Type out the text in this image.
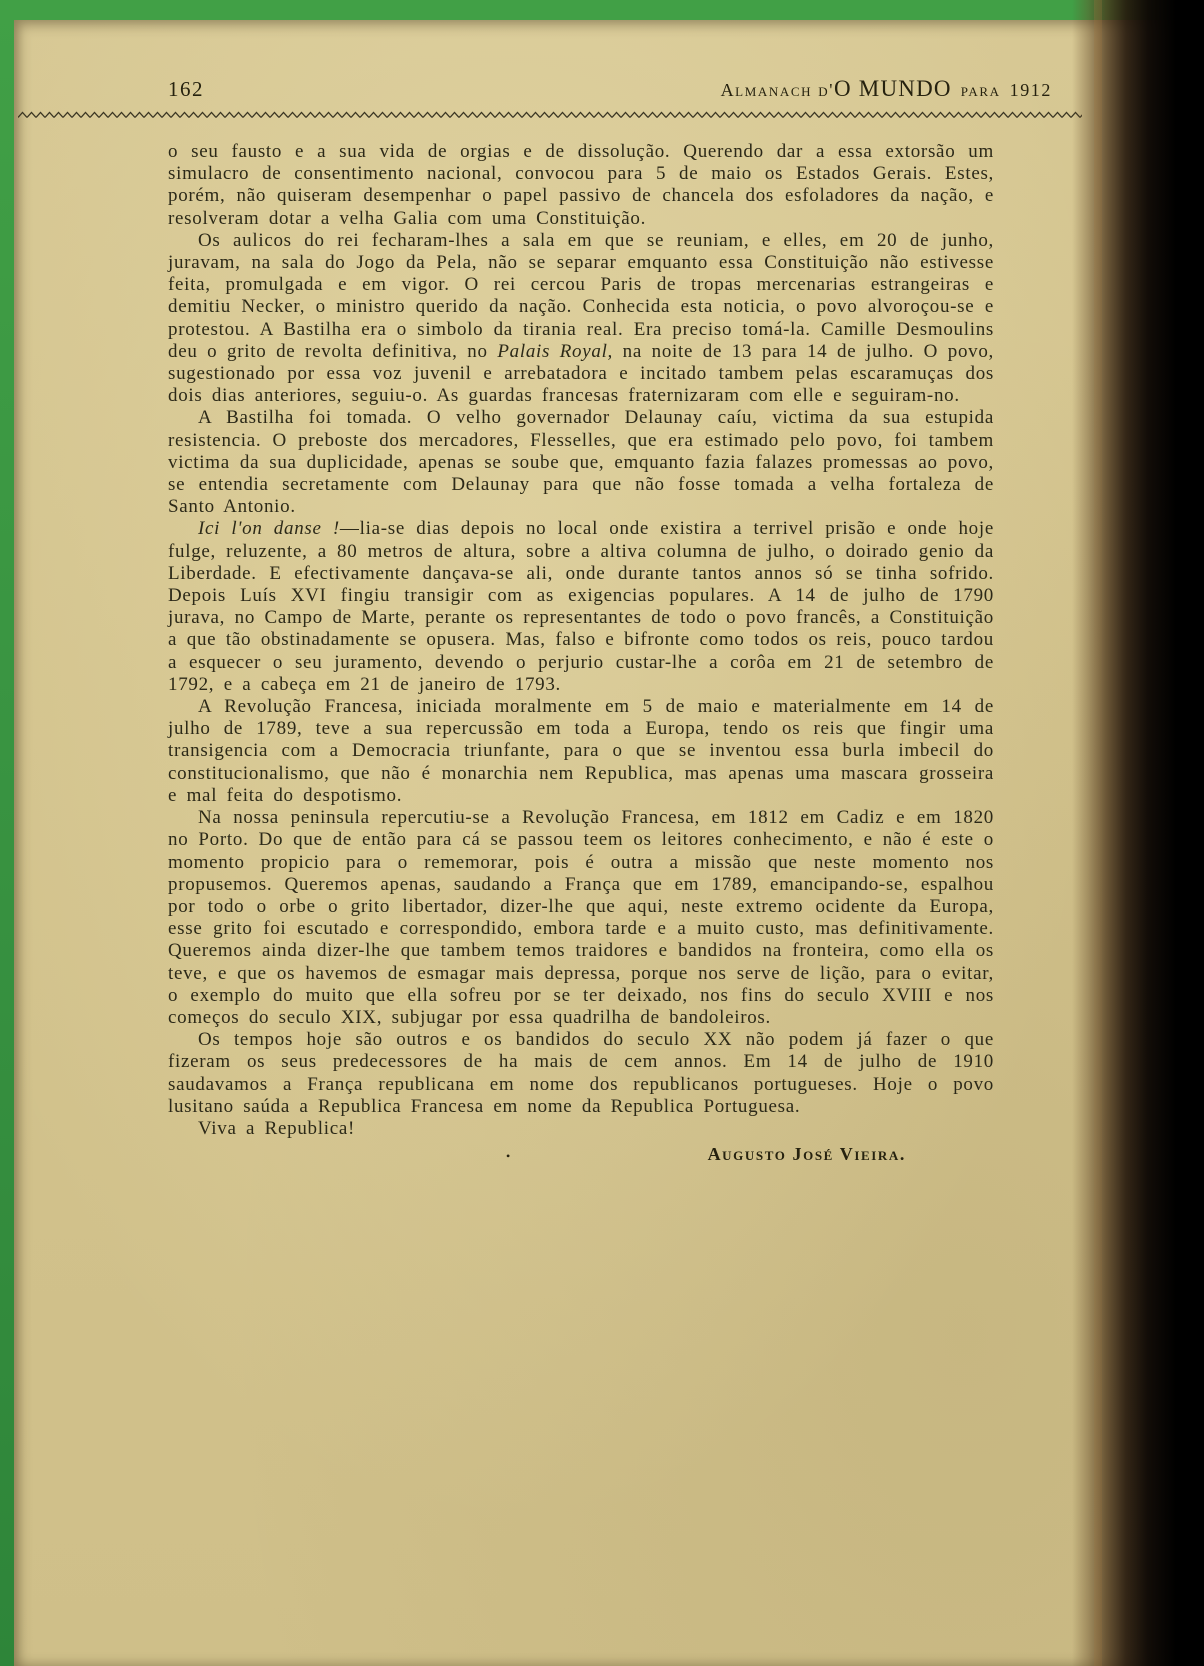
162	Almanach d'O MUNDO para 1912

o seu fausto e a sua vida de orgias e de dissolução. Querendo dar a essa extorsão um simulacro de consentimento nacional, convocou para 5 de maio os Estados Gerais. Estes, porém, não quiseram desempenhar o papel passivo de chancela dos esfoladores da nação, e resolveram dotar a velha Galia com uma Constituição.

Os aulicos do rei fecharam-lhes a sala em que se reuniam, e elles, em 20 de junho, juravam, na sala do Jogo da Pela, não se separar emquanto essa Constituição não estivesse feita, promulgada e em vigor. O rei cercou Paris de tropas mercenarias estrangeiras e demitiu Necker, o ministro querido da nação. Conhecida esta noticia, o povo alvoroçou-se e protestou. A Bastilha era o simbolo da tirania real. Era preciso tomá-la. Camille Desmoulins deu o grito de revolta definitiva, no Palais Royal, na noite de 13 para 14 de julho. O povo, sugestionado por essa voz juvenil e arrebatadora e incitado tambem pelas escaramuças dos dois dias anteriores, seguiu-o. As guardas francesas fraternizaram com elle e seguiram-no.

A Bastilha foi tomada. O velho governador Delaunay caíu, victima da sua estupida resistencia. O preboste dos mercadores, Flesselles, que era estimado pelo povo, foi tambem victima da sua duplicidade, apenas se soube que, emquanto fazia falazes promessas ao povo, se entendia secretamente com Delaunay para que não fosse tomada a velha fortaleza de Santo Antonio.

Ici l'on danse !—lia-se dias depois no local onde existira a terrivel prisão e onde hoje fulge, reluzente, a 80 metros de altura, sobre a altiva columna de julho, o doirado genio da Liberdade. E efectivamente dançava-se ali, onde durante tantos annos só se tinha sofrido. Depois Luís XVI fingiu transigir com as exigencias populares. A 14 de julho de 1790 jurava, no Campo de Marte, perante os representantes de todo o povo francês, a Constituição a que tão obstinadamente se opusera. Mas, falso e bifronte como todos os reis, pouco tardou a esquecer o seu juramento, devendo o perjurio custar-lhe a corôa em 21 de setembro de 1792, e a cabeça em 21 de janeiro de 1793.

A Revolução Francesa, iniciada moralmente em 5 de maio e materialmente em 14 de julho de 1789, teve a sua repercussão em toda a Europa, tendo os reis que fingir uma transigencia com a Democracia triunfante, para o que se inventou essa burla imbecil do constitucionalismo, que não é monarchia nem Republica, mas apenas uma mascara grosseira e mal feita do despotismo.

Na nossa peninsula repercutiu-se a Revolução Francesa, em 1812 em Cadiz e em 1820 no Porto. Do que de então para cá se passou teem os leitores conhecimento, e não é este o momento propicio para o rememorar, pois é outra a missão que neste momento nos propusemos. Queremos apenas, saudando a França que em 1789, emancipando-se, espalhou por todo o orbe o grito libertador, dizer-lhe que aqui, neste extremo ocidente da Europa, esse grito foi escutado e correspondido, embora tarde e a muito custo, mas definitivamente. Queremos ainda dizer-lhe que tambem temos traidores e bandidos na fronteira, como ella os teve, e que os havemos de esmagar mais depressa, porque nos serve de lição, para o evitar, o exemplo do muito que ella sofreu por se ter deixado, nos fins do seculo XVIII e nos começos do seculo XIX, subjugar por essa quadrilha de bandoleiros.

Os tempos hoje são outros e os bandidos do seculo XX não podem já fazer o que fizeram os seus predecessores de ha mais de cem annos. Em 14 de julho de 1910 saudavamos a França republicana em nome dos republicanos portugueses. Hoje o povo lusitano saúda a Republica Francesa em nome da Republica Portuguesa.

Viva a Republica!

•	Augusto José Vieira.
